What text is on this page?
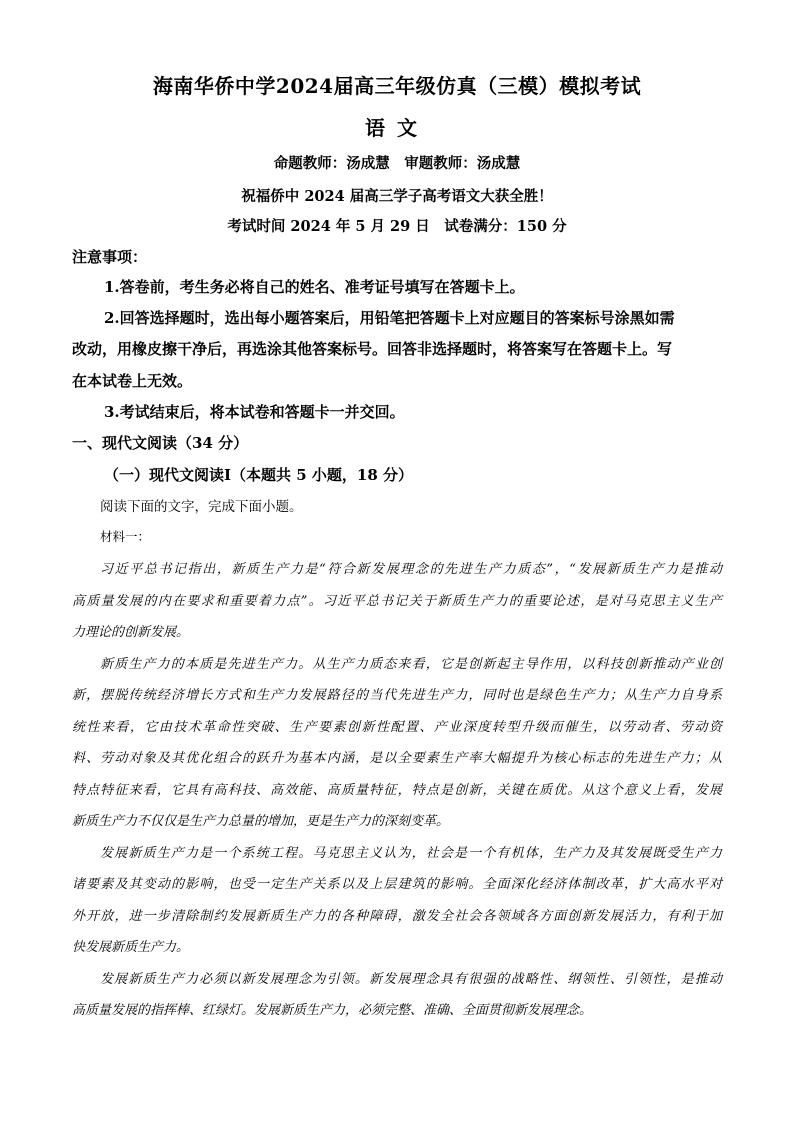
海南华侨中学2024届高三年级仿真（三模）模拟考试
语文
命题教师：汤成慧　审题教师：汤成慧
祝福侨中 2024 届高三学子高考语文大获全胜！
考试时间 2024 年 5 月 29 日　试卷满分：150 分
注意事项：
1.答卷前，考生务必将自己的姓名、准考证号填写在答题卡上。
2.回答选择题时，选出每小题答案后，用铅笔把答题卡上对应题目的答案标号涂黑如需
改动，用橡皮擦干净后，再选涂其他答案标号。回答非选择题时，将答案写在答题卡上。写
在本试卷上无效。
3.考试结束后，将本试卷和答题卡一并交回。
一、现代文阅读（34 分）
（一）现代文阅读Ⅰ（本题共 5 小题，18 分）
阅读下面的文字，完成下面小题。
材料一：
习近平总书记指出，新质生产力是“符合新发展理念的先进生产力质态”，“发展新质生产力是推动
高质量发展的内在要求和重要着力点”。习近平总书记关于新质生产力的重要论述，是对马克思主义生产
力理论的创新发展。
新质生产力的本质是先进生产力。从生产力质态来看，它是创新起主导作用，以科技创新推动产业创
新，摆脱传统经济增长方式和生产力发展路径的当代先进生产力，同时也是绿色生产力；从生产力自身系
统性来看，它由技术革命性突破、生产要素创新性配置、产业深度转型升级而催生，以劳动者、劳动资
料、劳动对象及其优化组合的跃升为基本内涵，是以全要素生产率大幅提升为核心标志的先进生产力；从
特点特征来看，它具有高科技、高效能、高质量特征，特点是创新，关键在质优。从这个意义上看，发展
新质生产力不仅仅是生产力总量的增加，更是生产力的深刻变革。
发展新质生产力是一个系统工程。马克思主义认为，社会是一个有机体，生产力及其发展既受生产力
诸要素及其变动的影响，也受一定生产关系以及上层建筑的影响。全面深化经济体制改革，扩大高水平对
外开放，进一步清除制约发展新质生产力的各种障碍，激发全社会各领域各方面创新发展活力，有利于加
快发展新质生产力。
发展新质生产力必须以新发展理念为引领。新发展理念具有很强的战略性、纲领性、引领性，是推动
高质量发展的指挥棒、红绿灯。发展新质生产力，必须完整、准确、全面贯彻新发展理念。
